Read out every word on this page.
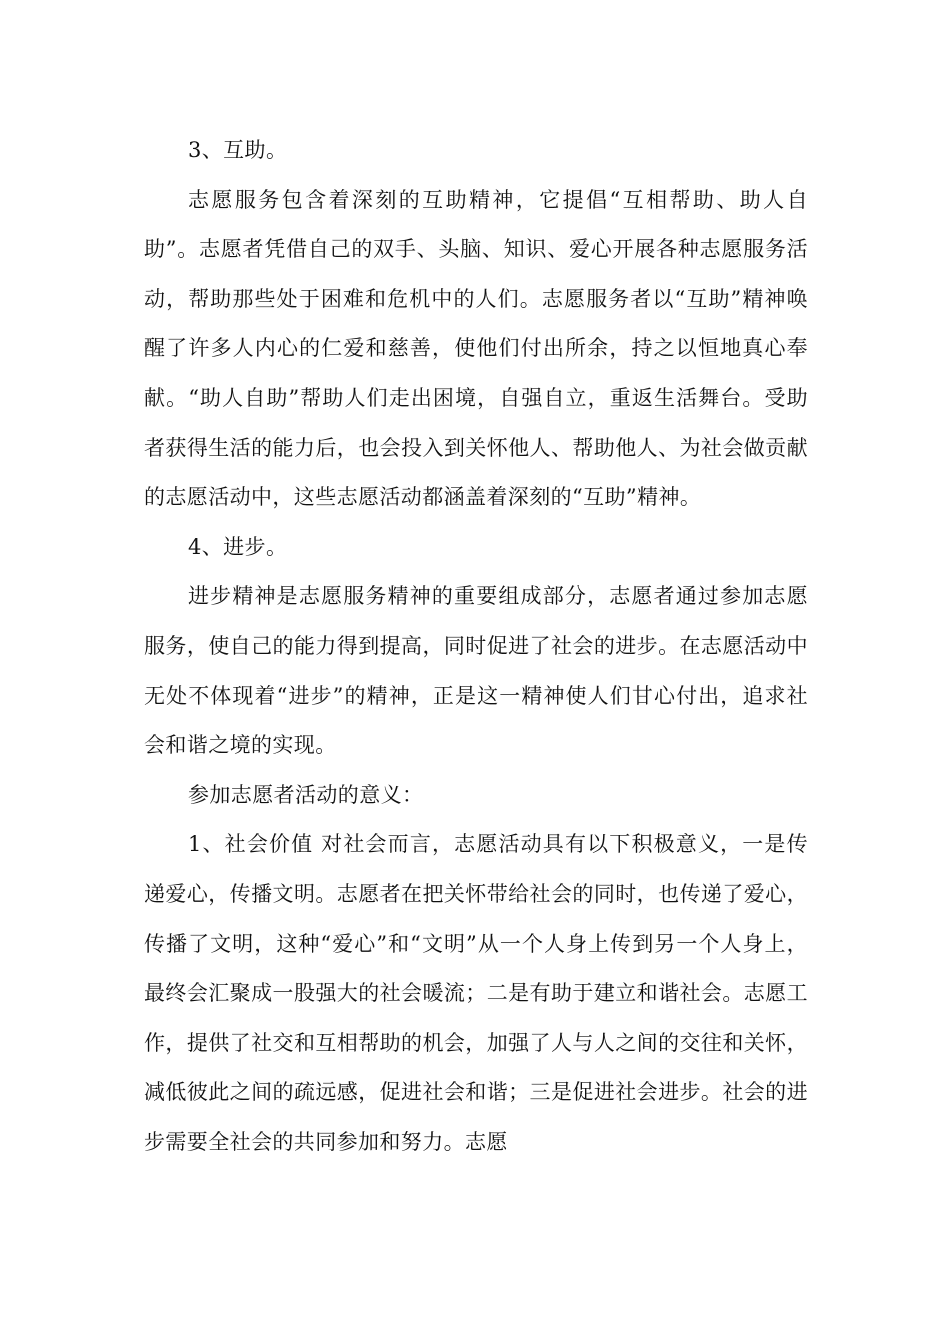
3、互助。

志愿服务包含着深刻的互助精神，它提倡“互相帮助、助人自助”。志愿者凭借自己的双手、头脑、知识、爱心开展各种志愿服务活动，帮助那些处于困难和危机中的人们。志愿服务者以“互助”精神唤醒了许多人内心的仁爱和慈善，使他们付出所余，持之以恒地真心奉献。“助人自助”帮助人们走出困境，自强自立，重返生活舞台。受助者获得生活的能力后，也会投入到关怀他人、帮助他人、为社会做贡献的志愿活动中，这些志愿活动都涵盖着深刻的“互助”精神。

4、进步。

进步精神是志愿服务精神的重要组成部分，志愿者通过参加志愿服务，使自己的能力得到提高，同时促进了社会的进步。在志愿活动中无处不体现着“进步”的精神，正是这一精神使人们甘心付出，追求社会和谐之境的实现。

参加志愿者活动的意义：

1、社会价值 对社会而言，志愿活动具有以下积极意义，一是传递爱心，传播文明。志愿者在把关怀带给社会的同时，也传递了爱心，传播了文明，这种“爱心”和“文明”从一个人身上传到另一个人身上，最终会汇聚成一股强大的社会暖流；二是有助于建立和谐社会。志愿工作，提供了社交和互相帮助的机会，加强了人与人之间的交往和关怀，减低彼此之间的疏远感，促进社会和谐；三是促进社会进步。社会的进步需要全社会的共同参加和努力。志愿
